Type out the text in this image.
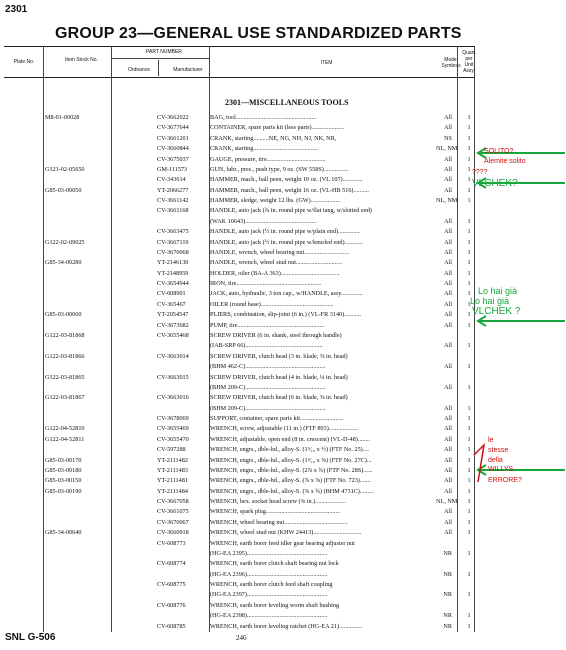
2301
GROUP 23—GENERAL USE STANDARDIZED PARTS
Plate No.	Item Stock No.
PART NUMBER
Ordnance	Manufacturer
ITEM	Model Symbols
Quan. per Unit Assy.
2301—MISCELLANEOUS TOOLS
M8-01-00028	CV-3662022	BAG, tool....................................................	All	1
CV-3677644	CONTAINER, spare parts kit (less parts).....................	All	1
CV-3661201	CRANK, starting..........NE, NG, NH, NJ, NK, NR,	NS	1
CV-3660844	CRANK, starting..........................................	NL, NM	1
CV-3675037	GAUGE, pressure, tire......................................	All	1
G121-02-05650	GM-111573	GUN, lubr., pres., push type, 9 oz. (SW 558S)................	All	1
CV-343614	HAMMER, mach., ball peen, weight 10 oz. (VL 107).............	All	1
G85-03-00050	YT-2066277	HAMMER, mach., ball peen, weight 16 oz. (VL-HB 516)..........	All	1
CV-3661142	HAMMER, sledge, weight 12 lbs. (GW)...................	NL, NM	1
CV-3661168	HANDLE, auto jack (¾ in. round pipe w/flat tang, w/slotted end)
(WAK 10643)..............................................	All	1
CV-3663475	HANDLE, auto jack (½ in. round pipe w/plain end)..............	All	1
G122-02-09025	CV-3667119	HANDLE, auto jack (½ in. round pipe w/knurled end)............	All	1
CV-3670068	HANDLE, wrench, wheel bearing nut.............................	All	1
G85-34-00280	YT-2146130	HANDLE, wrench, wheel stud nut..............................	All	1
YT-2148959	HOLDER, oiler (BA-A 363)......................................	All	1
CV-3654944	IRON, tire.......................................................	All	1
CV-608901	JACK, auto, hydraulic, 3 ton cap., w/HANDLE, assy..............	All	1
CV-365467	OILER (round base)...............................................	All	1
G85-03-00060	YT-2054547	PLIERS, combination, slip-joint (6 in.) (VL-FR 3140)...........	All	1
CV-3673682	PUMP, tire........................................................	All	1
G122-03-81868	CV-3655468	SCREW DRIVER (6 in. shank, steel through handle)
(IAB-SRP 66)..................................................	All	1
G122-03-81866	CV-3663014	SCREW DRIVER, clutch head (3 in. blade, ⅝ in. head)
(BHM 462-C)....................................................	All	1
G122-03-81865	CV-3663015	SCREW DRIVER, clutch head (4 in. blade, ¼ in. head)
(BHM 209-C)....................................................	All	1
G122-03-81867	CV-3663016	SCREW DRIVER, clutch head (6 in. blade, ⅝ in. head)
(BHM 209-C)....................................................	All	1
CV-3678069	SUPPORT, container, spare parts kit............................	All	1
G122-04-52810	CV-3655469	WRENCH, screw, adjustable (11 in.) (FTF 893)...................	All	1
G122-04-52811	CV-3655470	WRENCH, adjustable, open end (8 in. crescent) (VL-D-48)........	All	1
CV-597288	WRENCH, engrs., dble-hd., alloy-S. (1⁵⁄₁₆ x ½) (FTF No. 25)....	All	1
G85-03-00170	YT-2111482	WRENCH, engrs., dble-hd., alloy-S. (1⁵⁄₁₆ x ⅝) (FTF No. 27C)...	All	1
G85-03-00180	YT-2111483	WRENCH, engrs., dble-hd., alloy-S. (2⅞ x ¾) (FTF No. 28S)......	All	1
G85-03-00150	YT-2111481	WRENCH, engrs., dble-hd., alloy-S. (⅞ x ⅝) (FTF No. 723).......	All	1
G85-03-00190	YT-2111484	WRENCH, engrs., dble-hd., alloy-S. (⅞ x ¾) (BHM 4731C).........	All	1
CV-3667058	WRENCH, hex. socket head screw (⅜ in.)....................	NL, NM	1
CV-3661075	WRENCH, spark plug................................................	All	1
CV-3670067	WRENCH, wheel bearing nut.........................................	All	1
G85-34-00640	CV-3660918	WRENCH, wheel stud nut (KHW 24413)...............................	All	1
CV-608773	WRENCH, earth borer feed idler gear bearing adjuster nut
(HG-EA 2395)....................................................	NR	1
CV-608774	WRENCH, earth borer clutch shaft bearing nut lock
(HG-EA 2396)....................................................	NR	1
CV-608775	WRENCH, earth borer clutch feed shaft coupling
(HG-EA 2397)....................................................	NR	1
CV-608776	WRENCH, earth borer leveling worm shaft bushing
(HG-EA 2398)....................................................	NR	1
CV-608785	WRENCH, earth borer leveling ratchet (HG-EA 21)...............	NR	1
SOLITO?
Alemite solito
????
VLCHEK?
Lo hai già
Lo hai già
VLCHEK ?
le
stesse
della
WILLYS
ERRORE?
SNL G-506	246
